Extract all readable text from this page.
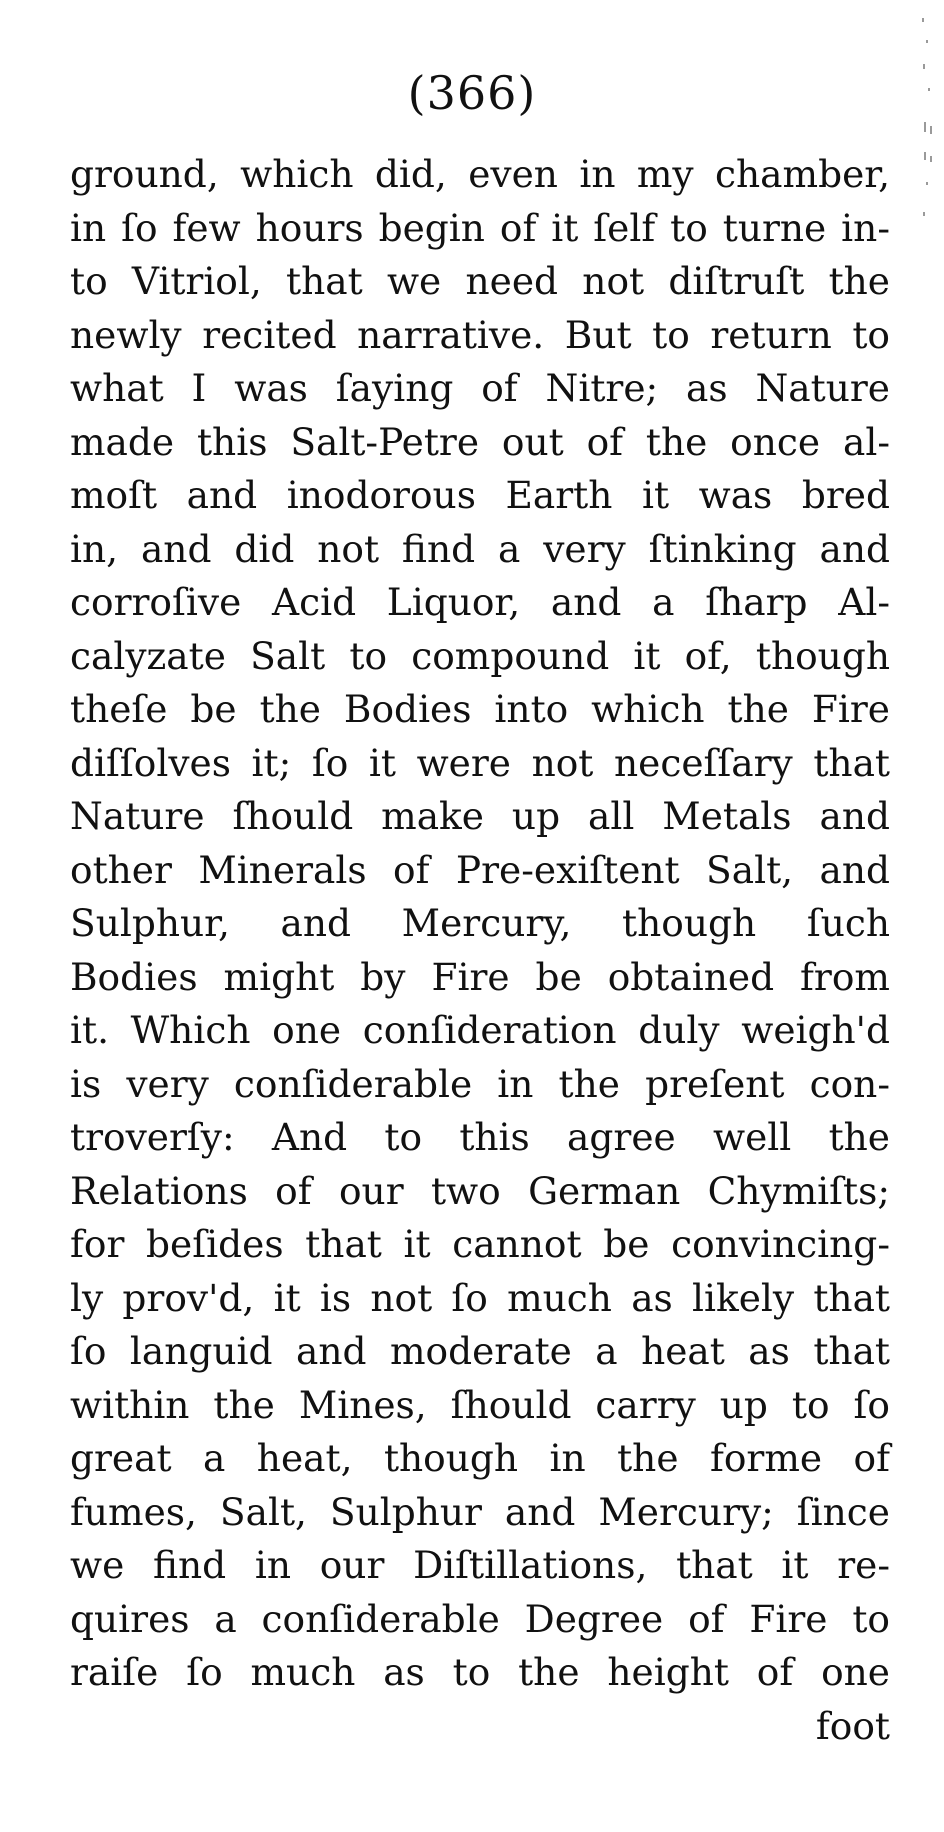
(366)
ground, which did, even in my chamber,
in ſo few hours begin of it ſelf to turne in-
to Vitriol, that we need not diſtruſt the
newly recited narrative. But to return to
what I was ſaying of Nitre; as Nature
made this Salt-Petre out of the once al-
moſt and inodorous Earth it was bred
in, and did not find a very ſtinking and
corroſive Acid Liquor, and a ſharp Al-
calyzate Salt to compound it of, though
theſe be the Bodies into which the Fire
diſſolves it; ſo it were not neceſſary that
Nature ſhould make up all Metals and
other Minerals of Pre-exiſtent Salt, and
Sulphur, and Mercury, though ſuch
Bodies might by Fire be obtained from
it. Which one conſideration duly weigh'd
is very conſiderable in the preſent con-
troverſy: And to this agree well the
Relations of our two German Chymiſts;
for beſides that it cannot be convincing-
ly prov'd, it is not ſo much as likely that
ſo languid and moderate a heat as that
within the Mines, ſhould carry up to ſo
great a heat, though in the forme of
fumes, Salt, Sulphur and Mercury; ſince
we find in our Diſtillations, that it re-
quires a conſiderable Degree of Fire to
raiſe ſo much as to the height of one
foot
